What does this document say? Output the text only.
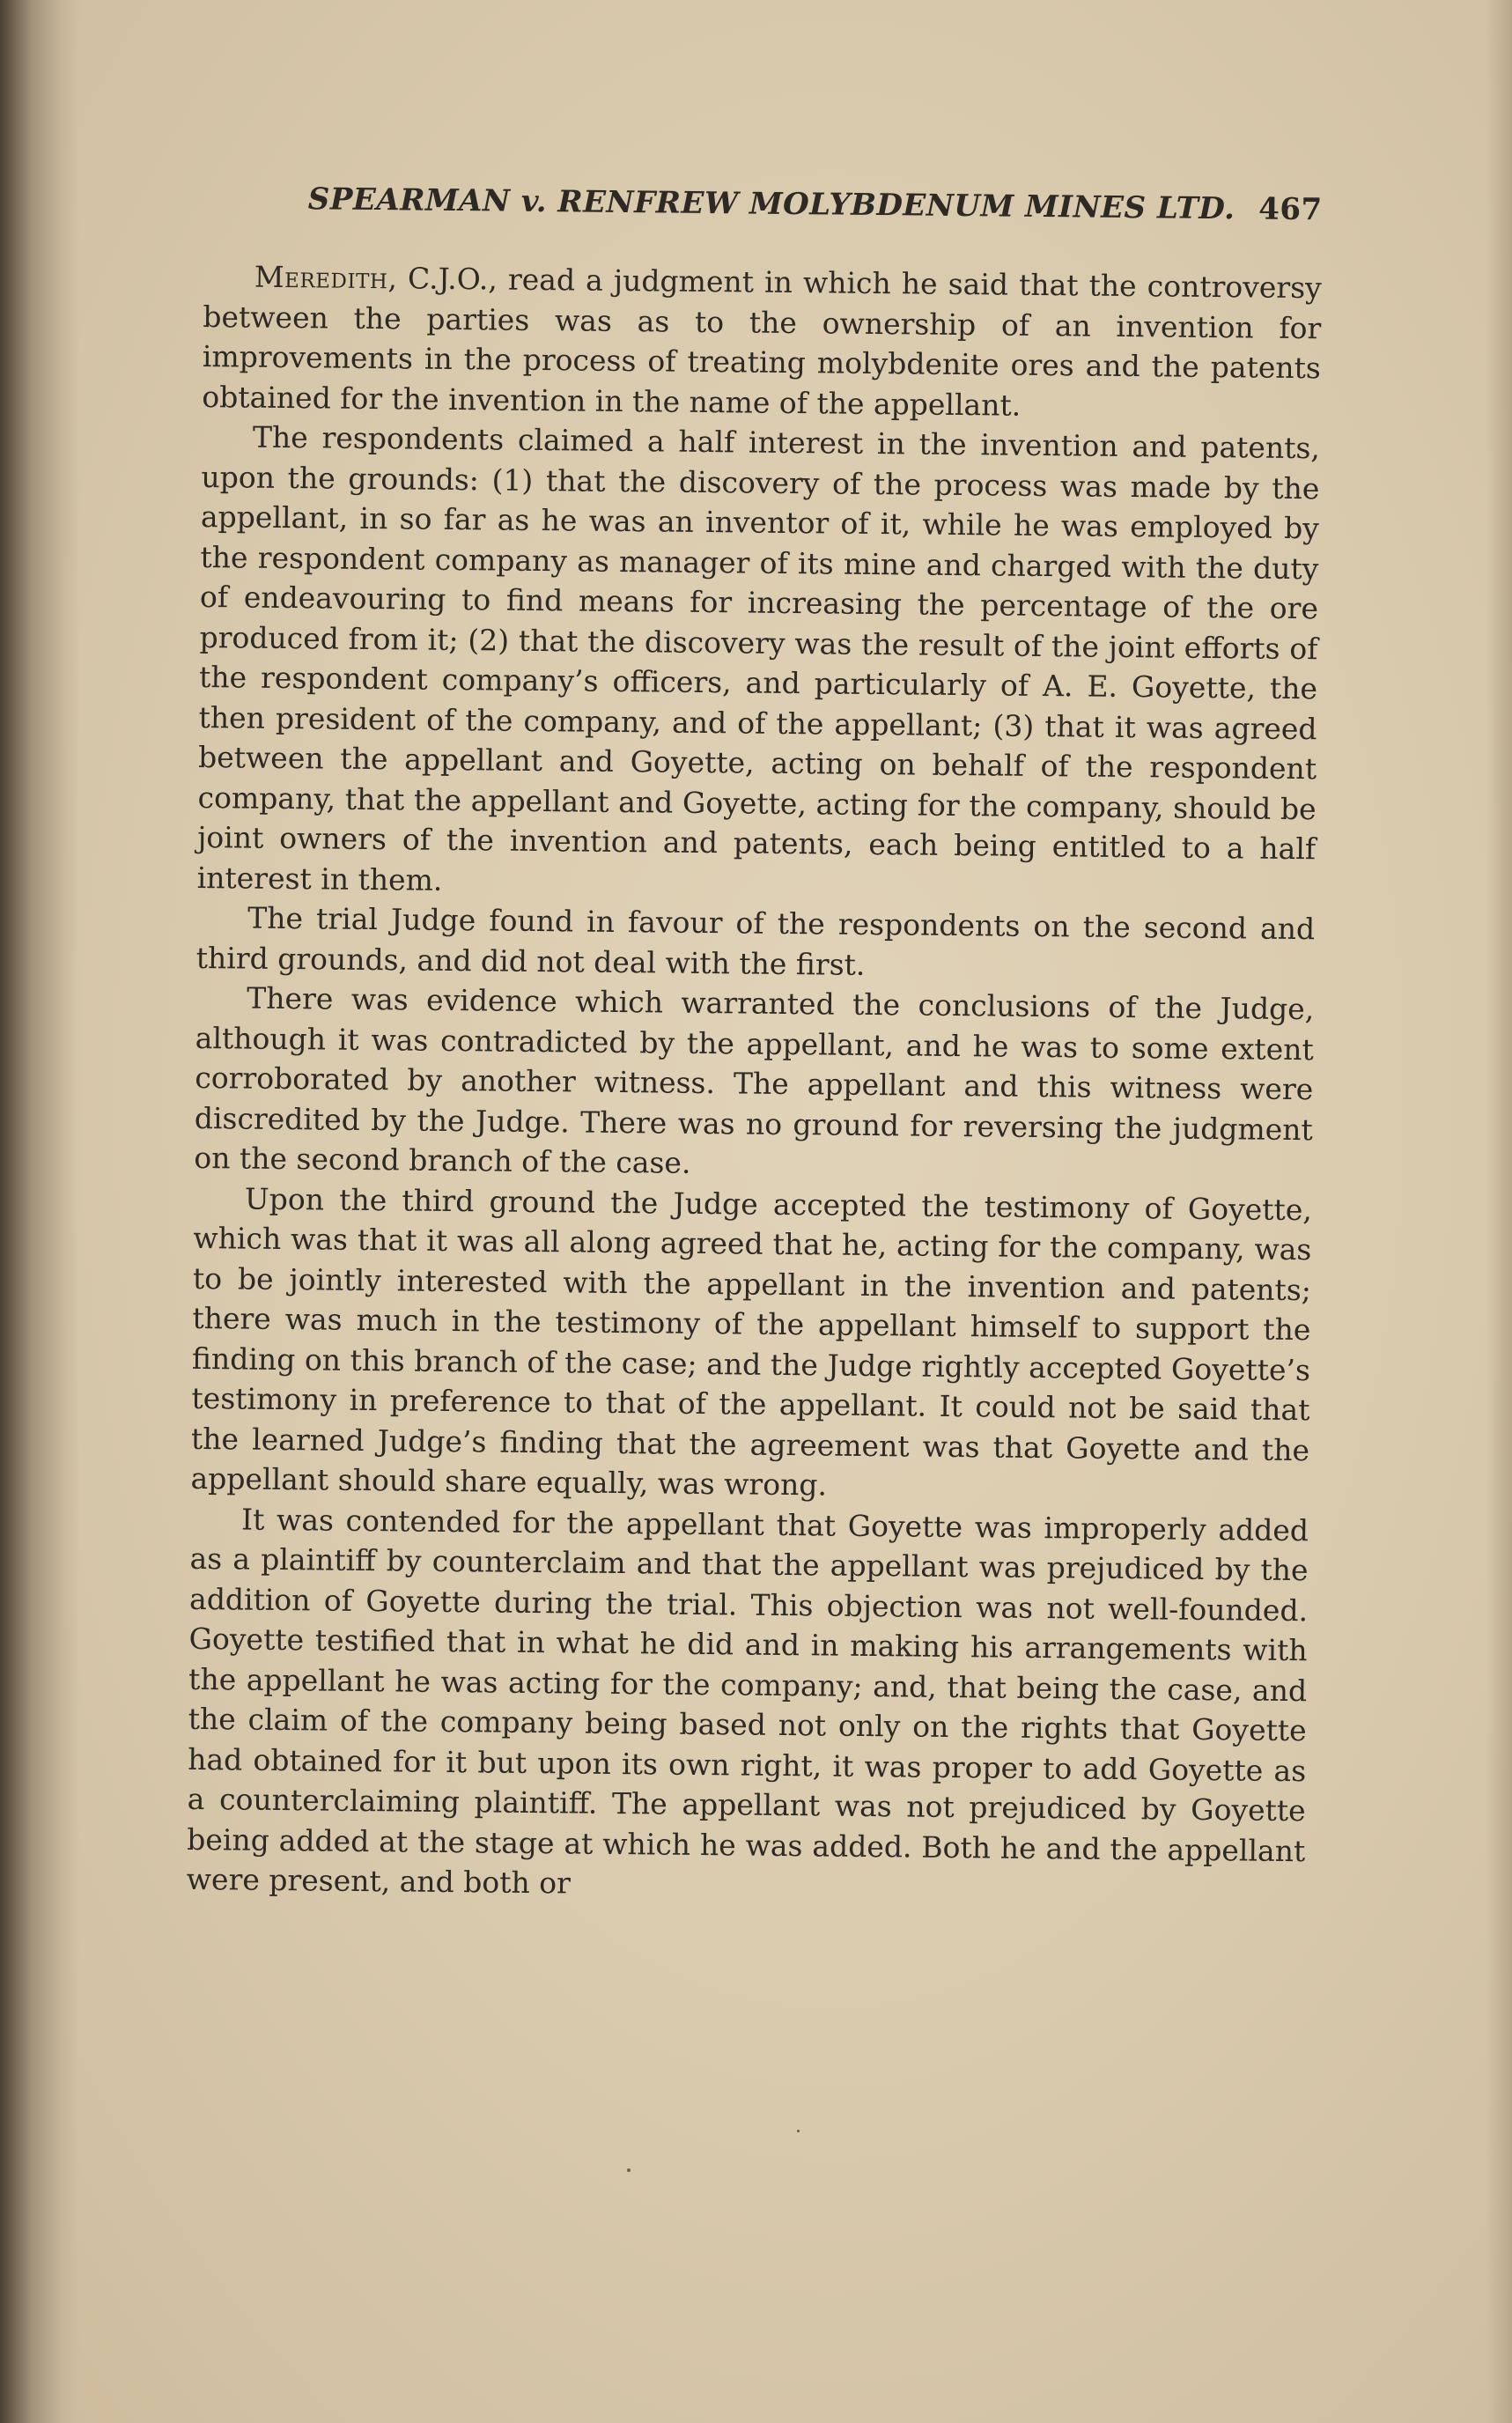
SPEARMAN v. RENFREW MOLYBDENUM MINES LTD. 467

Meredith, C.J.O., read a judgment in which he said that the controversy between the parties was as to the ownership of an invention for improvements in the process of treating molybdenite ores and the patents obtained for the invention in the name of the appellant.

The respondents claimed a half interest in the invention and patents, upon the grounds: (1) that the discovery of the process was made by the appellant, in so far as he was an inventor of it, while he was employed by the respondent company as manager of its mine and charged with the duty of endeavouring to find means for increasing the percentage of the ore produced from it; (2) that the discovery was the result of the joint efforts of the respondent company’s officers, and particularly of A. E. Goyette, the then president of the company, and of the appellant; (3) that it was agreed between the appellant and Goyette, acting on behalf of the respondent company, that the appellant and Goyette, acting for the company, should be joint owners of the invention and patents, each being entitled to a half interest in them.

The trial Judge found in favour of the respondents on the second and third grounds, and did not deal with the first.

There was evidence which warranted the conclusions of the Judge, although it was contradicted by the appellant, and he was to some extent corroborated by another witness. The appellant and this witness were discredited by the Judge. There was no ground for reversing the judgment on the second branch of the case.

Upon the third ground the Judge accepted the testimony of Goyette, which was that it was all along agreed that he, acting for the company, was to be jointly interested with the appellant in the invention and patents; there was much in the testimony of the appellant himself to support the finding on this branch of the case; and the Judge rightly accepted Goyette’s testimony in preference to that of the appellant. It could not be said that the learned Judge’s finding that the agreement was that Goyette and the appellant should share equally, was wrong.

It was contended for the appellant that Goyette was improperly added as a plaintiff by counterclaim and that the appellant was prejudiced by the addition of Goyette during the trial. This objection was not well-founded. Goyette testified that in what he did and in making his arrangements with the appellant he was acting for the company; and, that being the case, and the claim of the company being based not only on the rights that Goyette had obtained for it but upon its own right, it was proper to add Goyette as a counterclaiming plaintiff. The appellant was not prejudiced by Goyette being added at the stage at which he was added. Both he and the appellant were present, and both or
